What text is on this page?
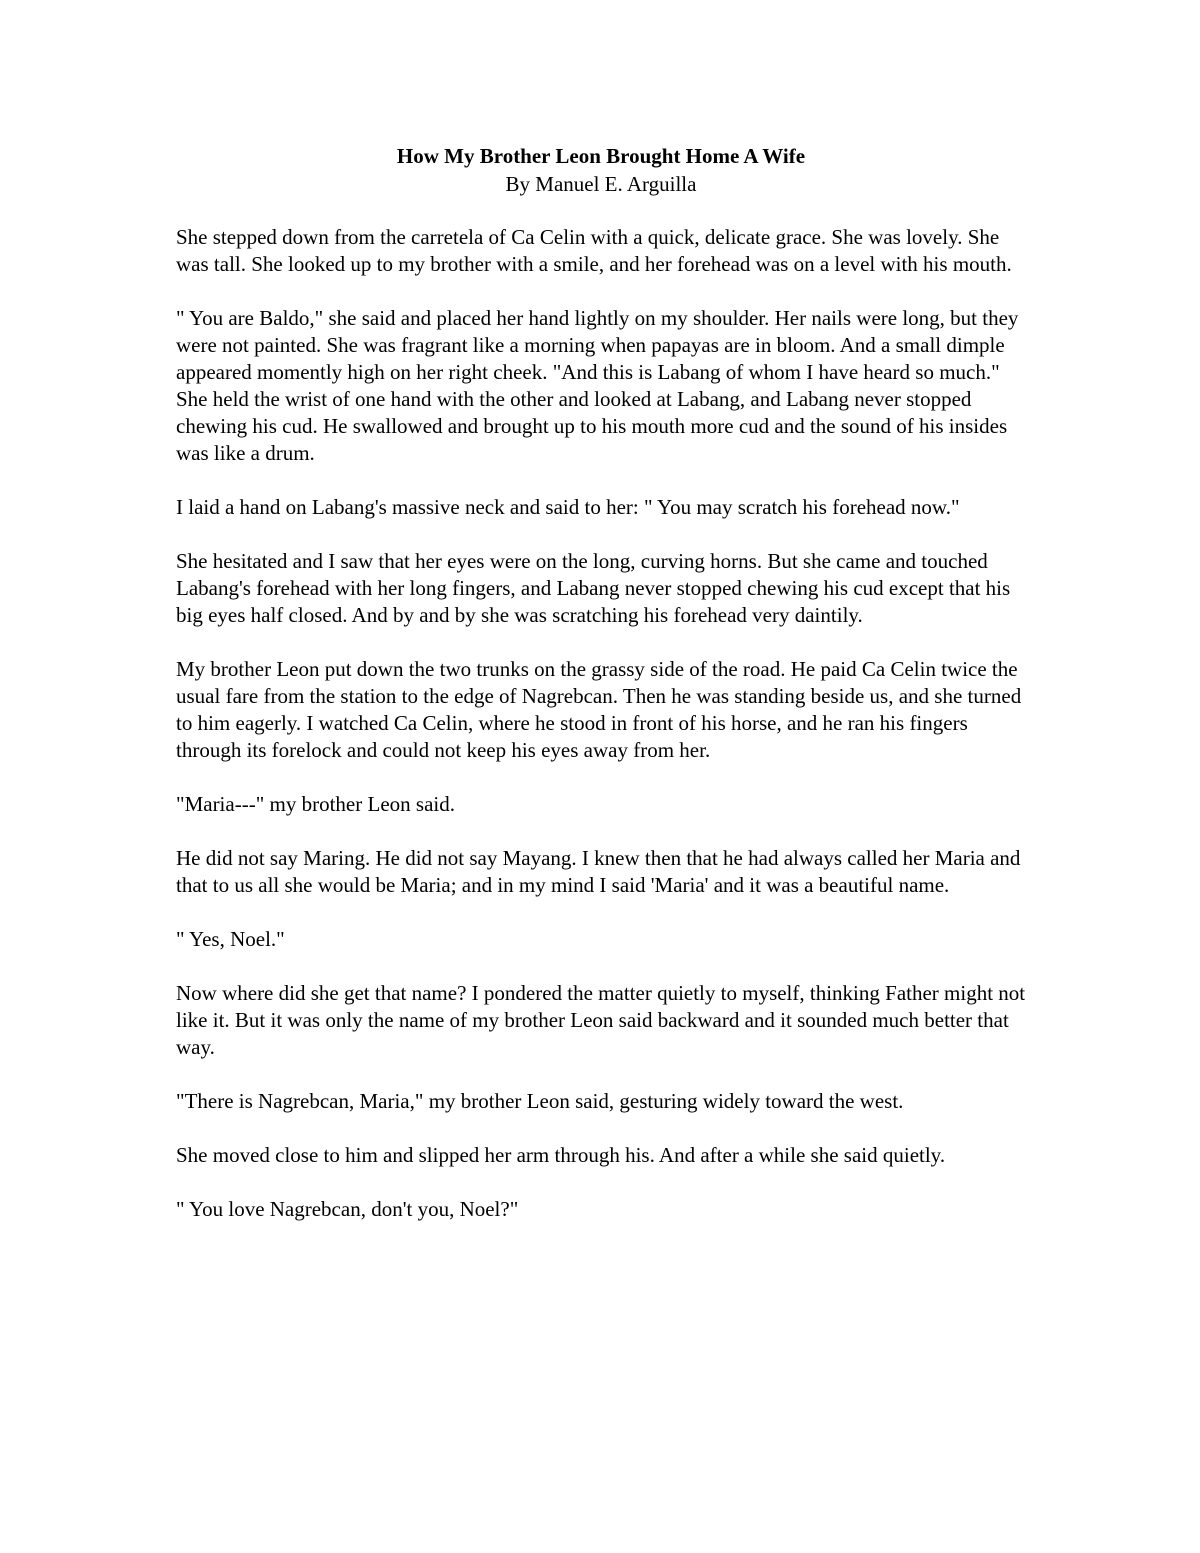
How My Brother Leon Brought Home A Wife

By Manuel E. Arguilla

She stepped down from the carretela of Ca Celin with a quick, delicate grace. She was lovely. She was tall. She looked up to my brother with a smile, and her forehead was on a level with his mouth.

" You are Baldo," she said and placed her hand lightly on my shoulder. Her nails were long, but they were not painted. She was fragrant like a morning when papayas are in bloom. And a small dimple appeared momently high on her right cheek. "And this is Labang of whom I have heard so much." She held the wrist of one hand with the other and looked at Labang, and Labang never stopped chewing his cud. He swallowed and brought up to his mouth more cud and the sound of his insides was like a drum.

I laid a hand on Labang's massive neck and said to her: " You may scratch his forehead now."

She hesitated and I saw that her eyes were on the long, curving horns. But she came and touched Labang's forehead with her long fingers, and Labang never stopped chewing his cud except that his big eyes half closed. And by and by she was scratching his forehead very daintily.

My brother Leon put down the two trunks on the grassy side of the road. He paid Ca Celin twice the usual fare from the station to the edge of Nagrebcan. Then he was standing beside us, and she turned to him eagerly. I watched Ca Celin, where he stood in front of his horse, and he ran his fingers through its forelock and could not keep his eyes away from her.

"Maria---" my brother Leon said.

He did not say Maring. He did not say Mayang. I knew then that he had always called her Maria and that to us all she would be Maria; and in my mind I said 'Maria' and it was a beautiful name.

" Yes, Noel."

Now where did she get that name? I pondered the matter quietly to myself, thinking Father might not like it. But it was only the name of my brother Leon said backward and it sounded much better that way.

"There is Nagrebcan, Maria," my brother Leon said, gesturing widely toward the west.

She moved close to him and slipped her arm through his. And after a while she said quietly.

" You love Nagrebcan, don't you, Noel?"
